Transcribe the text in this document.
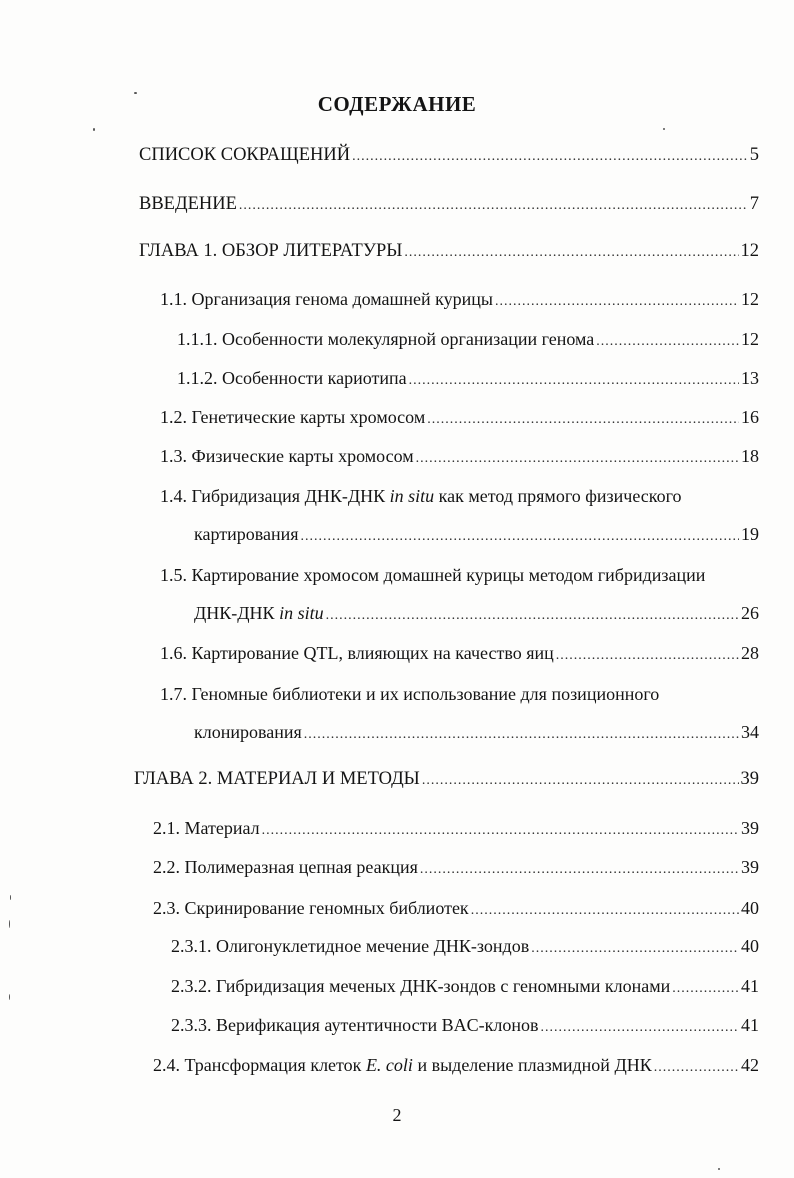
СОДЕРЖАНИЕ
СПИСОК СОКРАЩЕНИЙ .....	5
ВВЕДЕНИЕ .....	7
ГЛАВА 1. ОБЗОР ЛИТЕРАТУРЫ .....	12
1.1. Организация генома домашней курицы .....	12
1.1.1. Особенности молекулярной организации генома .....	12
1.1.2. Особенности кариотипа .....	13
1.2. Генетические карты хромосом .....	16
1.3. Физические карты хромосом .....	18
1.4. Гибридизация ДНК-ДНК in situ как метод прямого физического
картирования .....	19
1.5. Картирование хромосом домашней курицы методом гибридизации
ДНК-ДНК in situ .....	26
1.6. Картирование QTL, влияющих на качество яиц .....	28
1.7. Геномные библиотеки и их использование для позиционного
клонирования .....	34
ГЛАВА 2. МАТЕРИАЛ И МЕТОДЫ .....	39
2.1. Материал .....	39
2.2. Полимеразная цепная реакция .....	39
2.3. Скринирование геномных библиотек .....	40
2.3.1. Олигонуклетидное мечение ДНК-зондов .....	40
2.3.2. Гибридизация меченых ДНК-зондов с геномными клонами .....	41
2.3.3. Верификация аутентичности BAC-клонов .....	41
2.4. Трансформация клеток E. coli и выделение плазмидной ДНК .....	42
2
